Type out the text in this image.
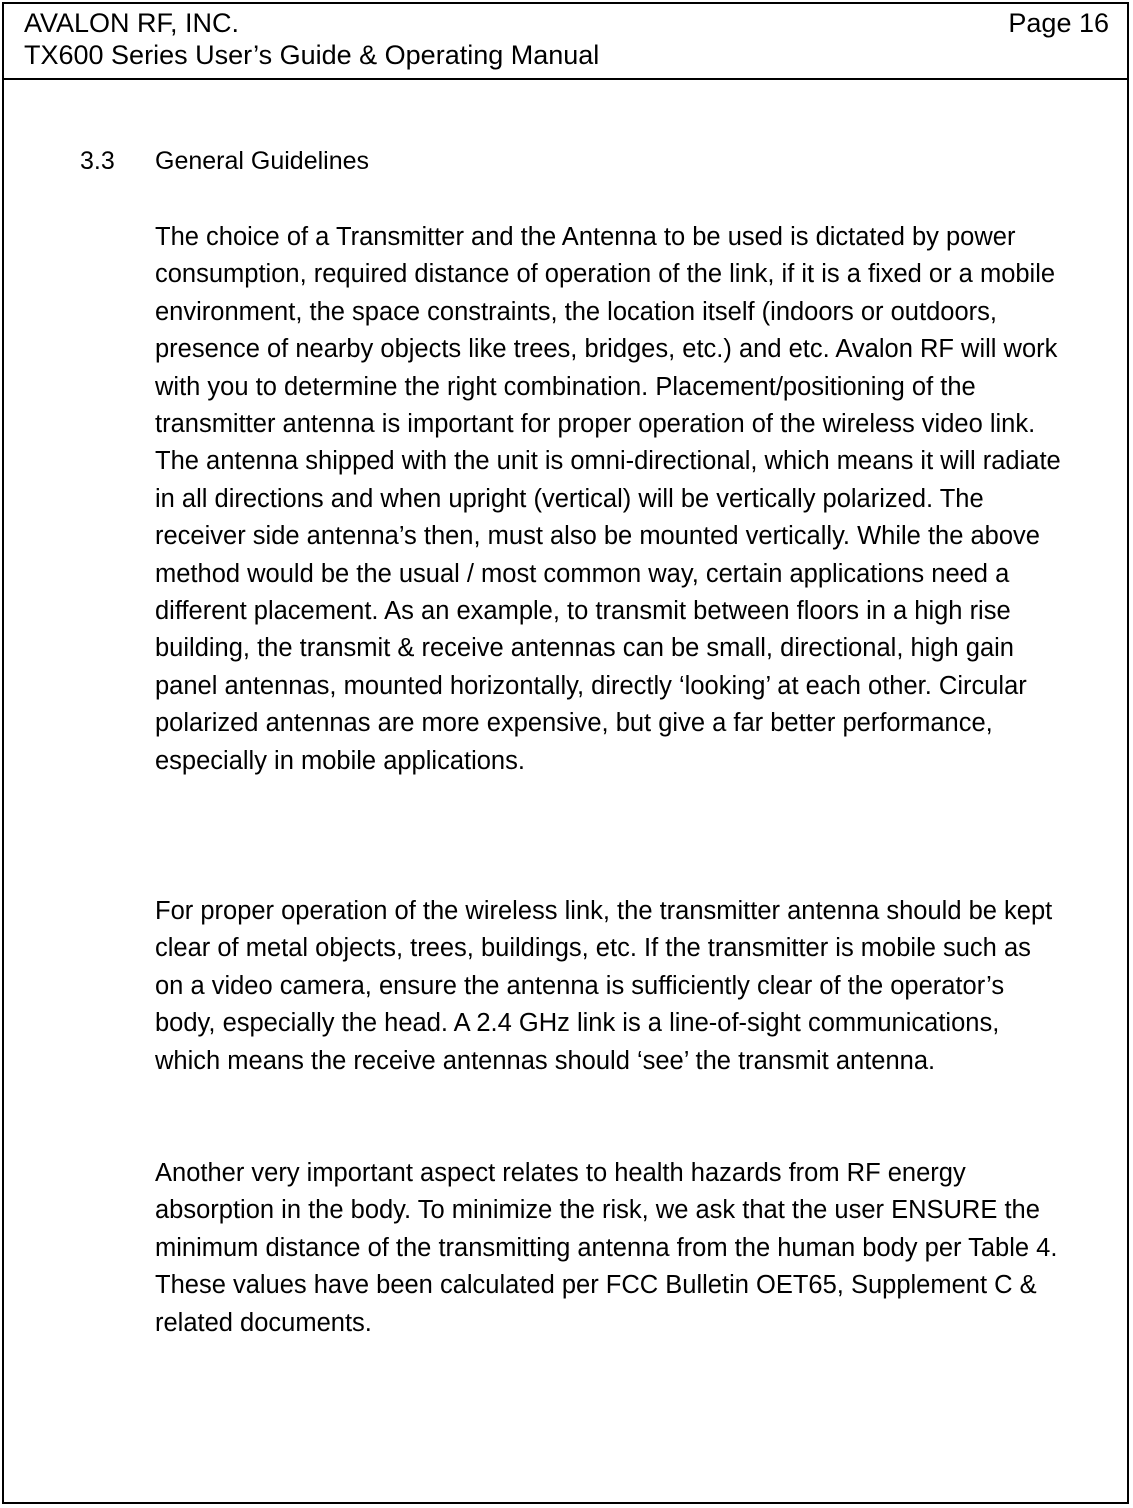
AVALON RF, INC.
TX600 Series User’s Guide & Operating Manual
Page 16
3.3 General Guidelines

The choice of a Transmitter and the Antenna to be used is dictated by power consumption, required distance of operation of the link, if it is a fixed or a mobile environment, the space constraints, the location itself (indoors or outdoors, presence of nearby objects like trees, bridges, etc.) and etc. Avalon RF will work with you to determine the right combination. Placement/positioning of the transmitter antenna is important for proper operation of the wireless video link. The antenna shipped with the unit is omni-directional, which means it will radiate in all directions and when upright (vertical) will be vertically polarized. The receiver side antenna’s then, must also be mounted vertically. While the above method would be the usual / most common way, certain applications need a different placement. As an example, to transmit between floors in a high rise building, the transmit & receive antennas can be small, directional, high gain panel antennas, mounted horizontally, directly ‘looking’ at each other. Circular polarized antennas are more expensive, but give a far better performance, especially in mobile applications.

For proper operation of the wireless link, the transmitter antenna should be kept clear of metal objects, trees, buildings, etc. If the transmitter is mobile such as on a video camera, ensure the antenna is sufficiently clear of the operator’s body, especially the head. A 2.4 GHz link is a line-of-sight communications, which means the receive antennas should ‘see’ the transmit antenna.

Another very important aspect relates to health hazards from RF energy absorption in the body. To minimize the risk, we ask that the user ENSURE the minimum distance of the transmitting antenna from the human body per Table 4. These values have been calculated per FCC Bulletin OET65, Supplement C & related documents.
